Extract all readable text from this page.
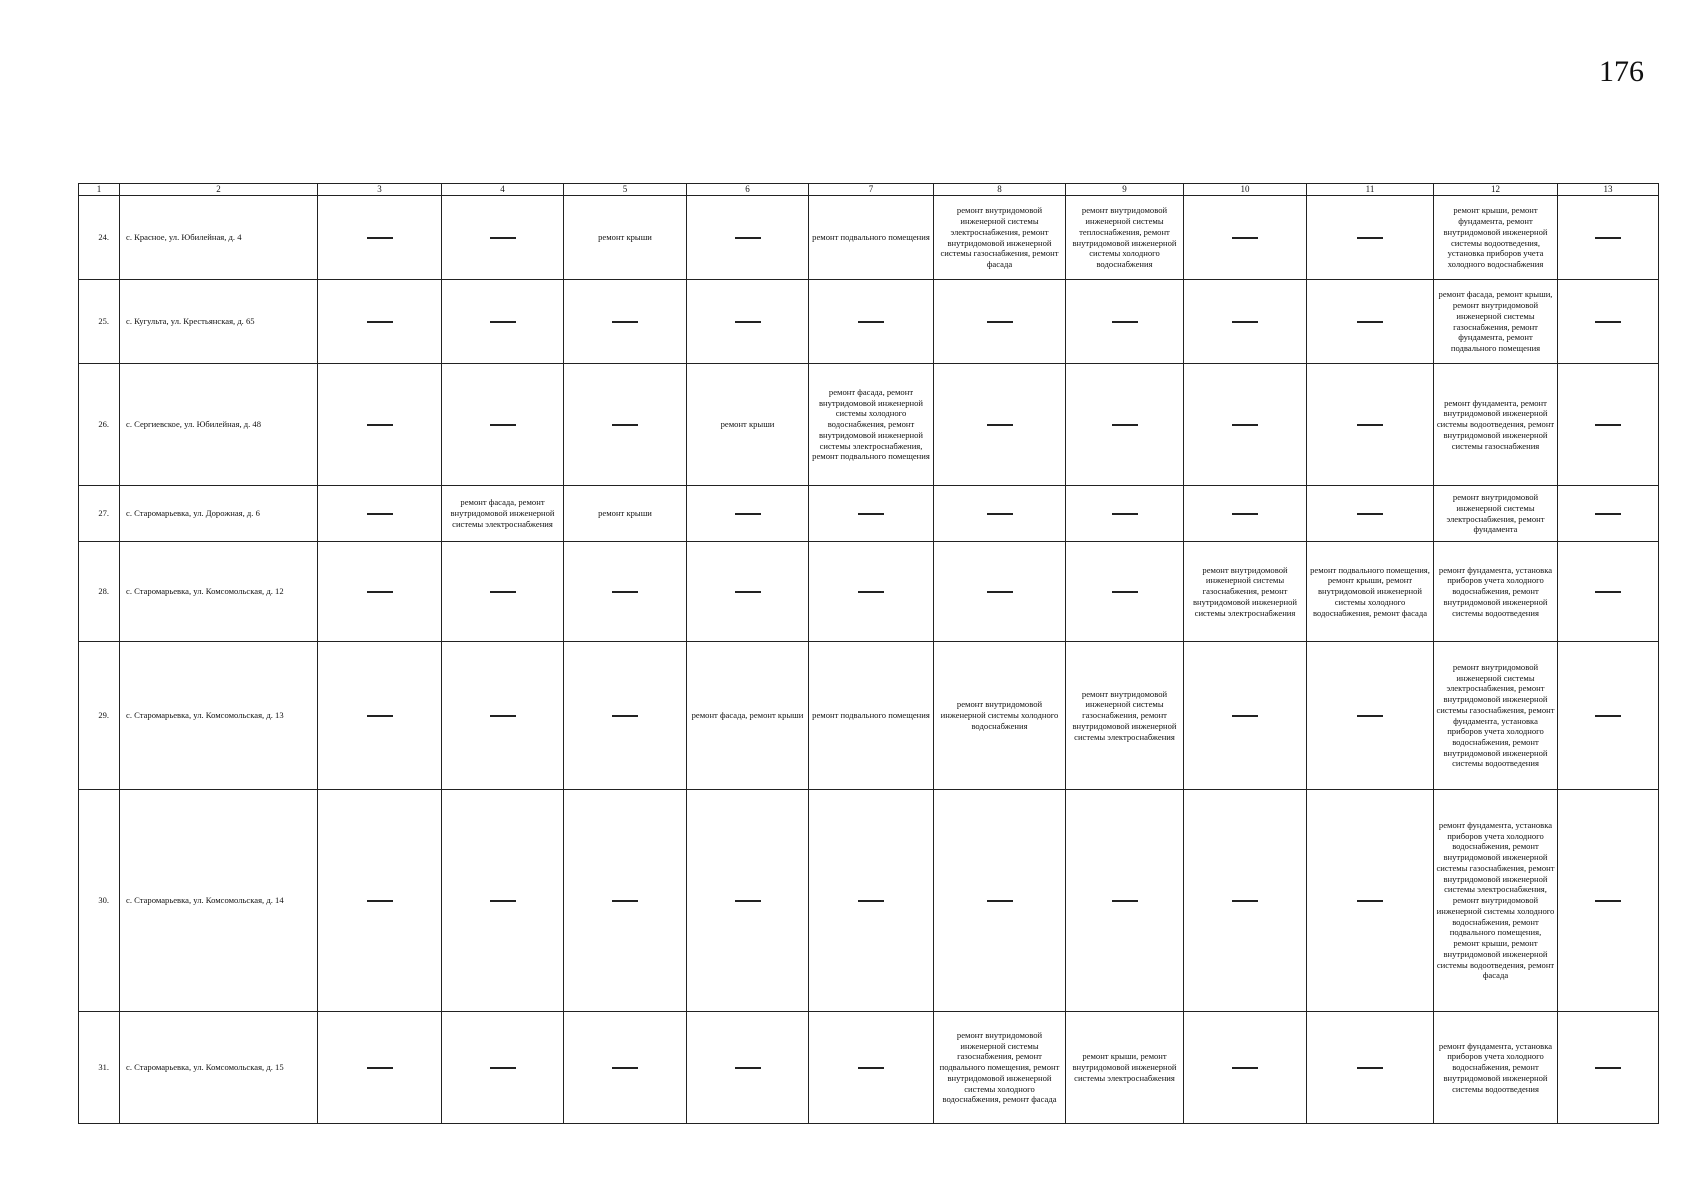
176
1	2	3	4	5	6	7	8	9	10	11	12	13
24.	с. Красное, ул. Юбилейная, д. 4			ремонт крыши		ремонт подвального помещения	ремонт внутридомовой инженерной системы электроснабжения, ремонт внутридомовой инженерной системы газоснабжения, ремонт фасада	ремонт внутридомовой инженерной системы теплоснабжения, ремонт внутридомовой инженерной системы холодного водоснабжения			ремонт крыши, ремонт фундамента, ремонт внутридомовой инженерной системы водоотведения, установка приборов учета холодного водоснабжения	
25.	с. Кугульта, ул. Крестьянская, д. 65										ремонт фасада, ремонт крыши, ремонт внутридомовой инженерной системы газоснабжения, ремонт фундамента, ремонт подвального помещения	
26.	с. Сергиевское, ул. Юбилейная, д. 48				ремонт крыши	ремонт фасада, ремонт внутридомовой инженерной системы холодного водоснабжения, ремонт внутридомовой инженерной системы электроснабжения, ремонт подвального помещения					ремонт фундамента, ремонт внутридомовой инженерной системы водоотведения, ремонт внутридомовой инженерной системы газоснабжения	
27.	с. Старомарьевка, ул. Дорожная, д. 6		ремонт фасада, ремонт внутридомовой инженерной системы электроснабжения	ремонт крыши							ремонт внутридомовой инженерной системы электроснабжения, ремонт фундамента	
28.	с. Старомарьевка, ул. Комсомольская, д. 12								ремонт внутридомовой инженерной системы газоснабжения, ремонт внутридомовой инженерной системы электроснабжения	ремонт подвального помещения, ремонт крыши, ремонт внутридомовой инженерной системы холодного водоснабжения, ремонт фасада	ремонт фундамента, установка приборов учета холодного водоснабжения, ремонт внутридомовой инженерной системы водоотведения	
29.	с. Старомарьевка, ул. Комсомольская, д. 13				ремонт фасада, ремонт крыши	ремонт подвального помещения	ремонт внутридомовой инженерной системы холодного водоснабжения	ремонт внутридомовой инженерной системы газоснабжения, ремонт внутридомовой инженерной системы электроснабжения			ремонт внутридомовой инженерной системы электроснабжения, ремонт внутридомовой инженерной системы газоснабжения, ремонт фундамента, установка приборов учета холодного водоснабжения, ремонт внутридомовой инженерной системы водоотведения	
30.	с. Старомарьевка, ул. Комсомольская, д. 14										ремонт фундамента, установка приборов учета холодного водоснабжения, ремонт внутридомовой инженерной системы газоснабжения, ремонт внутридомовой инженерной системы электроснабжения, ремонт внутридомовой инженерной системы холодного водоснабжения, ремонт подвального помещения, ремонт крыши, ремонт внутридомовой инженерной системы водоотведения, ремонт фасада	
31.	с. Старомарьевка, ул. Комсомольская, д. 15						ремонт внутридомовой инженерной системы газоснабжения, ремонт подвального помещения, ремонт внутридомовой инженерной системы холодного водоснабжения, ремонт фасада	ремонт крыши, ремонт внутридомовой инженерной системы электроснабжения			ремонт фундамента, установка приборов учета холодного водоснабжения, ремонт внутридомовой инженерной системы водоотведения	
